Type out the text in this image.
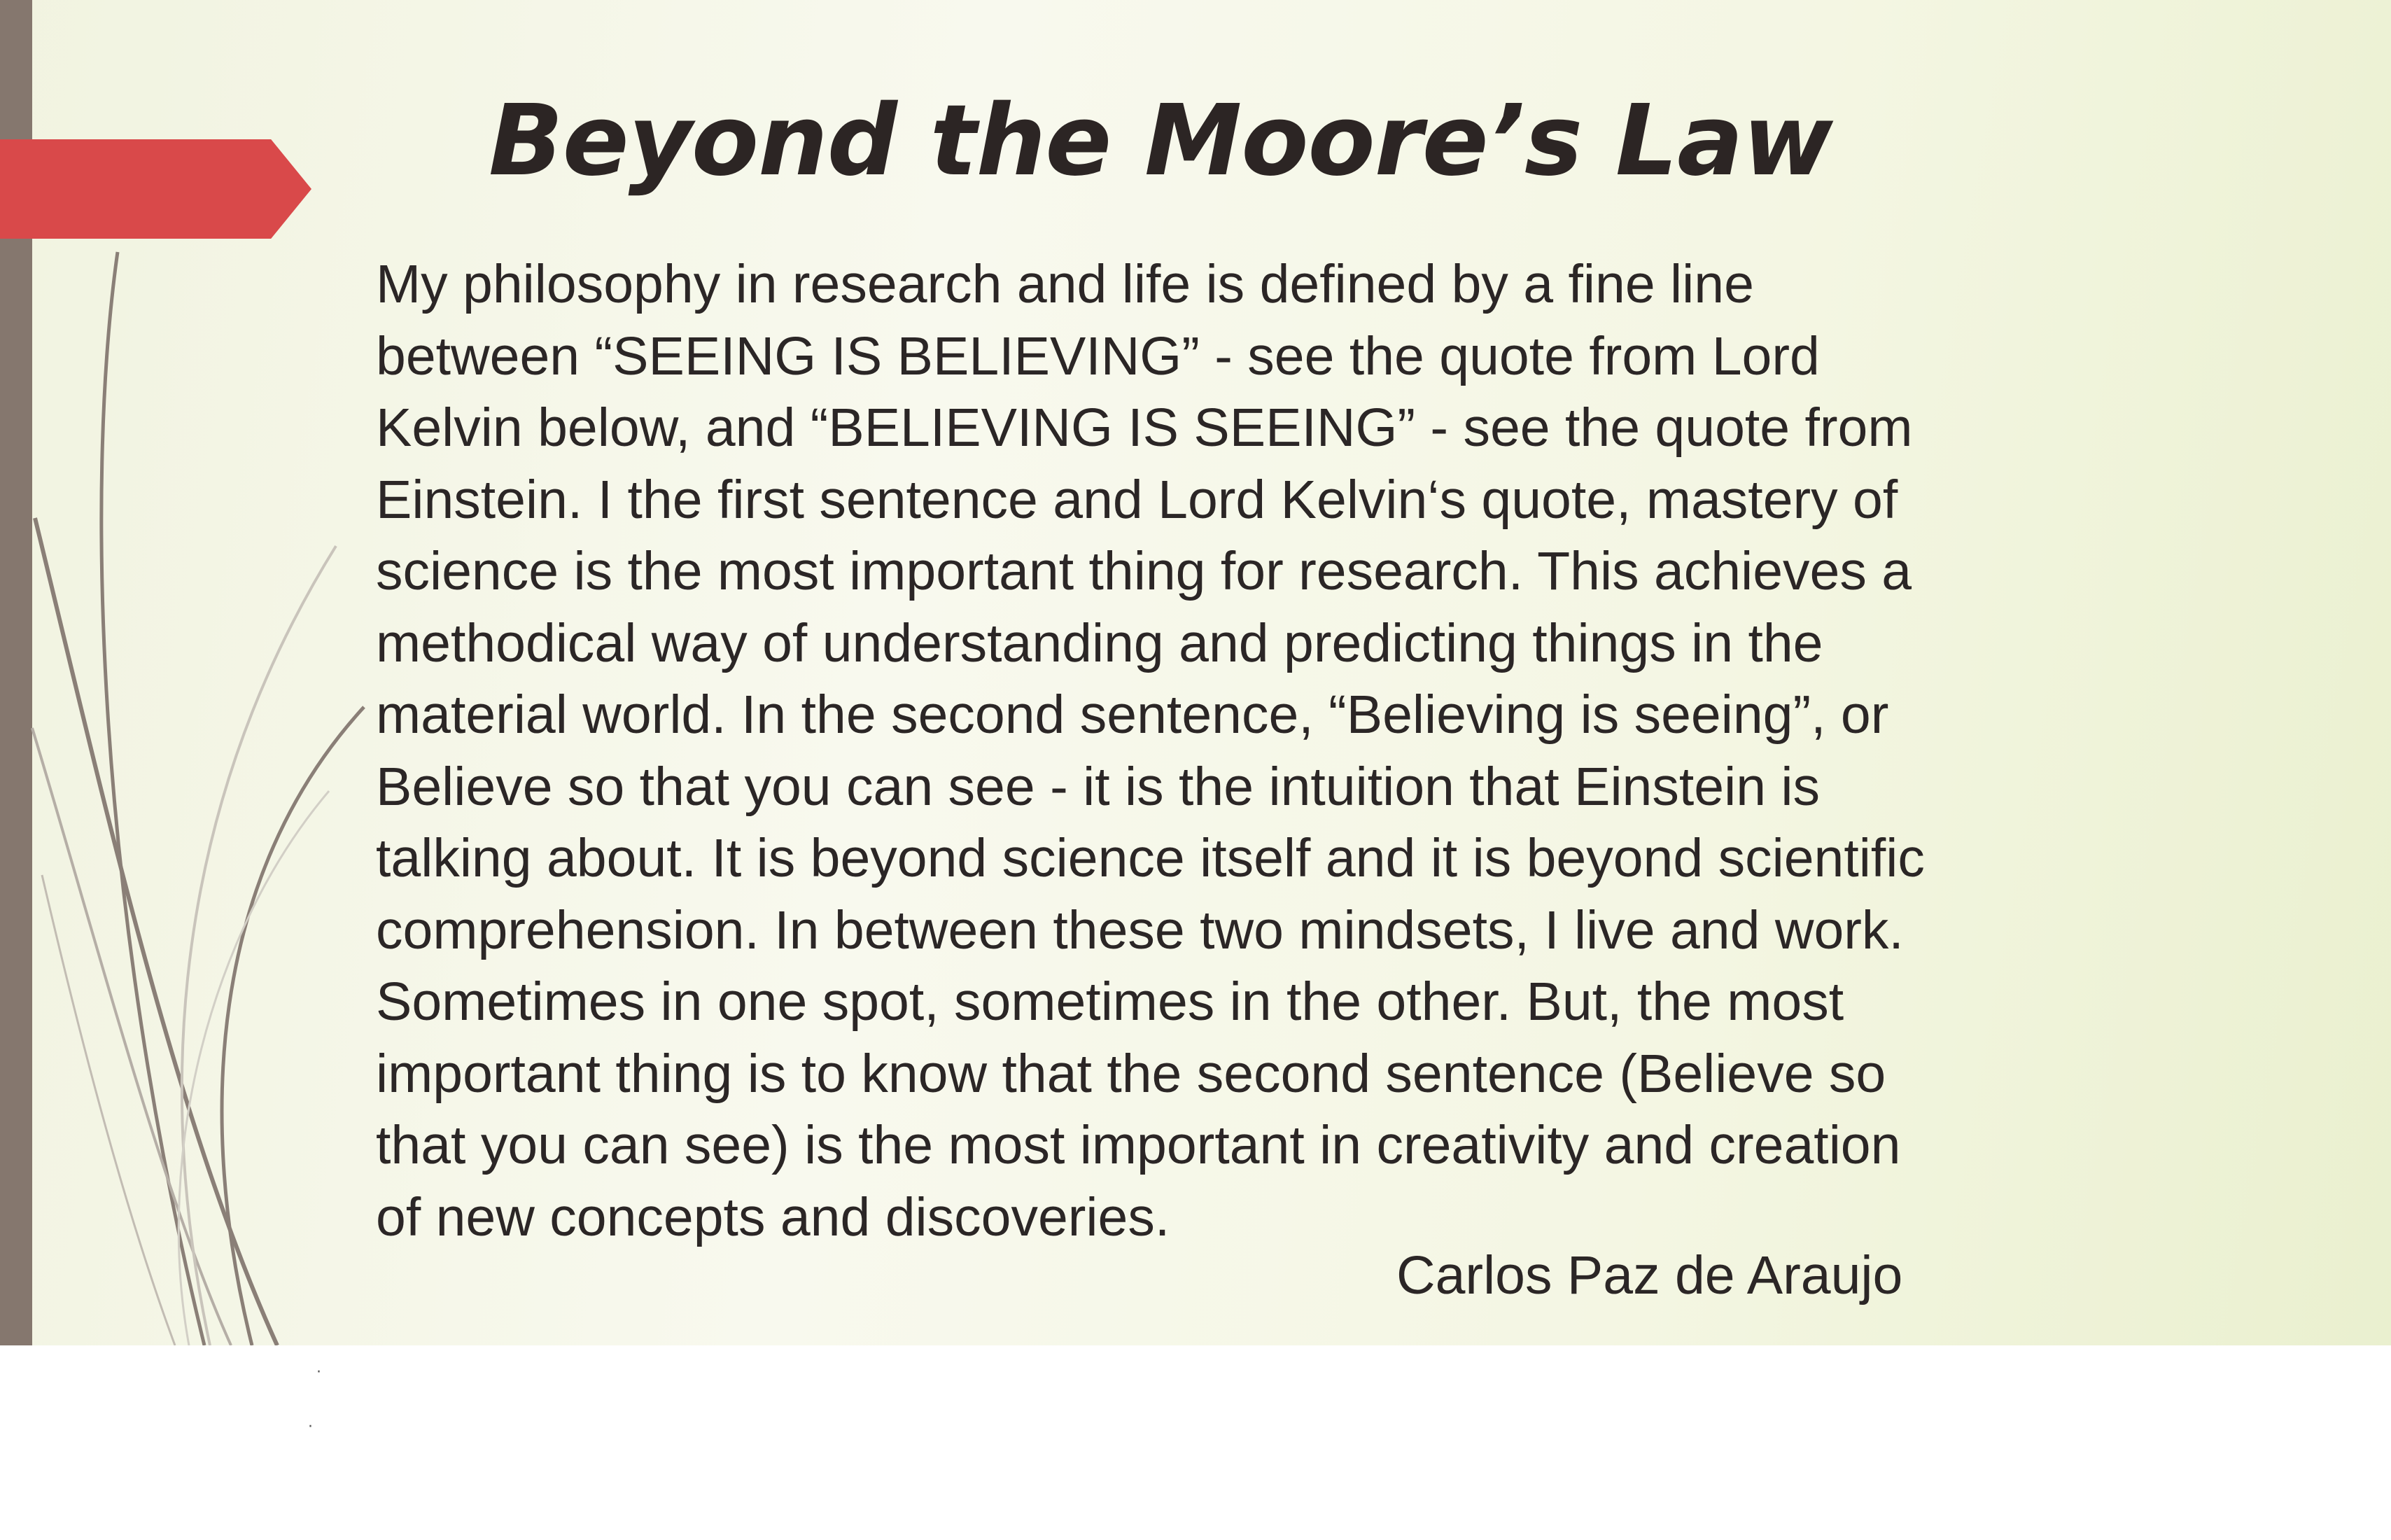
Beyond the Moore’s Law
My philosophy in research and life is defined by a fine line
between “SEEING IS BELIEVING” - see the quote from Lord
Kelvin below, and “BELIEVING IS SEEING” - see the quote from
Einstein. I the first sentence and Lord Kelvin‘s quote, mastery of
science is the most important thing for research. This achieves a
methodical way of understanding and predicting things in the
material world. In the second sentence, “Believing is seeing”, or
Believe so that you can see - it is the intuition that Einstein is
talking about. It is beyond science itself and it is beyond scientific
comprehension. In between these two mindsets, I live and work.
Sometimes in one spot, sometimes in the other. But, the most
important thing is to know that the second sentence (Believe so
that you can see) is the most important in creativity and creation
of new concepts and discoveries.
Carlos Paz de Araujo
·
·
